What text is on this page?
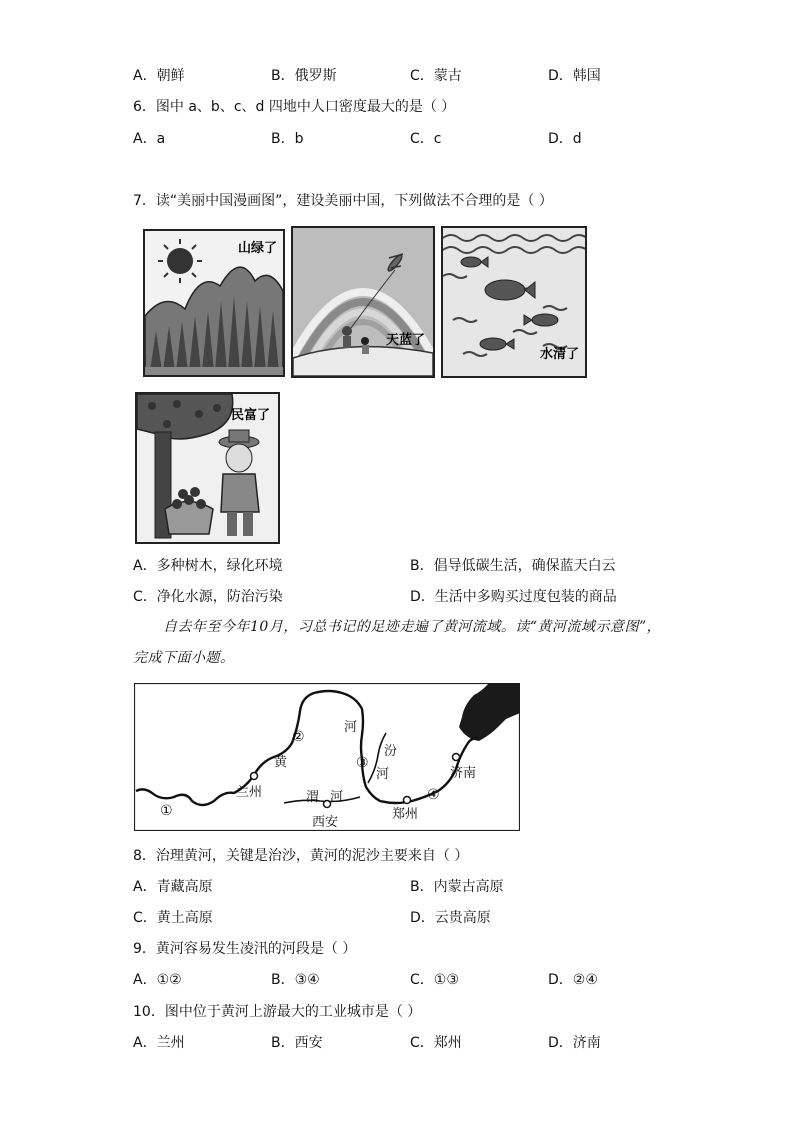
A．朝鲜	B．俄罗斯	C．蒙古	D．韩国
6．图中 a、b、c、d 四地中人口密度最大的是（ ）
A．a	B．b	C．c	D．d
7．读“美丽中国漫画图”，建设美丽中国，下列做法不合理的是（ ）
山绿了
天蓝了
水清了
民富了
A．多种树木，绿化环境	B．倡导低碳生活，确保蓝天白云
C．净化水源，防治污染	D．生活中多购买过度包装的商品
自去年至今年10月，习总书记的足迹走遍了黄河流域。读“黄河流域示意图”，
完成下面小题。
河
汾
河
黄
渭 河
兰州
西安
郑州
济南
①
②
③
④
8．治理黄河，关键是治沙，黄河的泥沙主要来自（ ）
A．青藏高原	B．内蒙古高原
C．黄土高原	D．云贵高原
9．黄河容易发生凌汛的河段是（ ）
A．①②	B．③④	C．①③	D．②④
10．图中位于黄河上游最大的工业城市是（ ）
A．兰州	B．西安	C．郑州	D．济南
